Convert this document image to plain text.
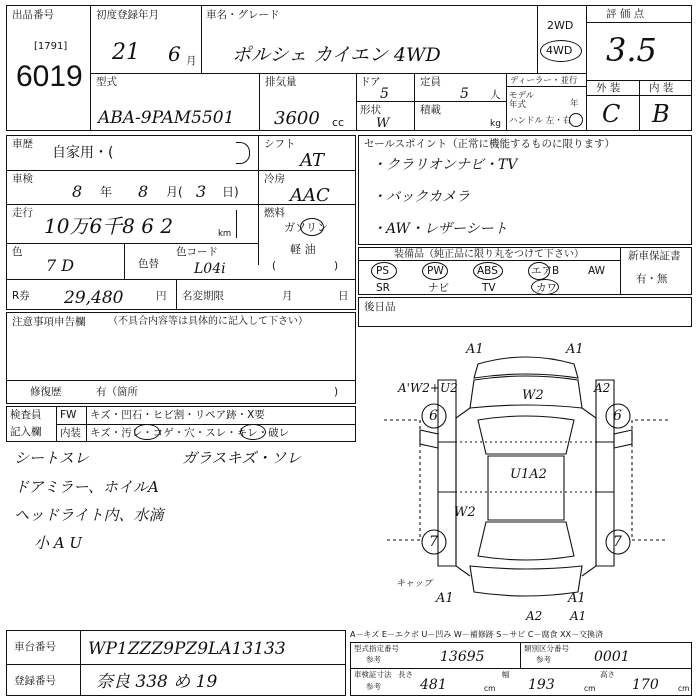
出品番号
[1791]
6019
初度登録年月
21 6 月
車名・グレード
ポルシェ カイエン 4WD
2WD
4WD
評 価 点
3.5
型式
ABA-9PAM5501
排気量
3600 cc
ドア
5
定員
5 人
形状
W
積載
kg
ディーラー・並行
モデル年式	年
ハンドル 左・右
外 装	内 装
C B
車歴
自家用・(
シフト
AT
車検
8 年 8 月( 3 日)
冷房
AAC
走行
10万6千8 6 2	km
燃料
ガソリン
軽 油
(	)
色
7 D	色替
色コード
L04i
R券 29,480	円 名変期限	月	日
注意事項申告欄 （不具合内容等は具体的に記入して下さい）
修復歴	有（箇所	)
検査員
記入欄
FW キズ・凹石・ヒビ割・リペア跡・X要
内装 キズ・汚レ・コゲ・穴・スレ・キレ・破レ
シートスレ	ガラスキズ・ソレ
ドアミラー、ホイルA
ヘッドライト内、水滴
小 A U
セールスポイント（正常に機能するものに限ります）
・クラリオンナビ・TV
・バックカメラ
・AW・レザーシート
装備品（純正品に限り丸をつけて下さい）	新車保証書
有・無
PS	PW	ABS	エアB	AW
SR	ナビ	TV	カワ
後日品
A1	A1
A'W2+U2	W2	A2
U1A2
W2
A1	A1
A2 A1
キャップ
6	6
7	7
A－キズ E－エクボ U－凹み W－補修跡 S－サビ C－腐食 XX－交換済
車台番号 WP1ZZZ9PZ9LA13133
登録番号 奈良 338 め 19
型式指定番号
参考	13695
類別区分番号
参考	0001
車検証寸法
参考
長さ
481	cm
幅
193	cm
高さ
170	cm
